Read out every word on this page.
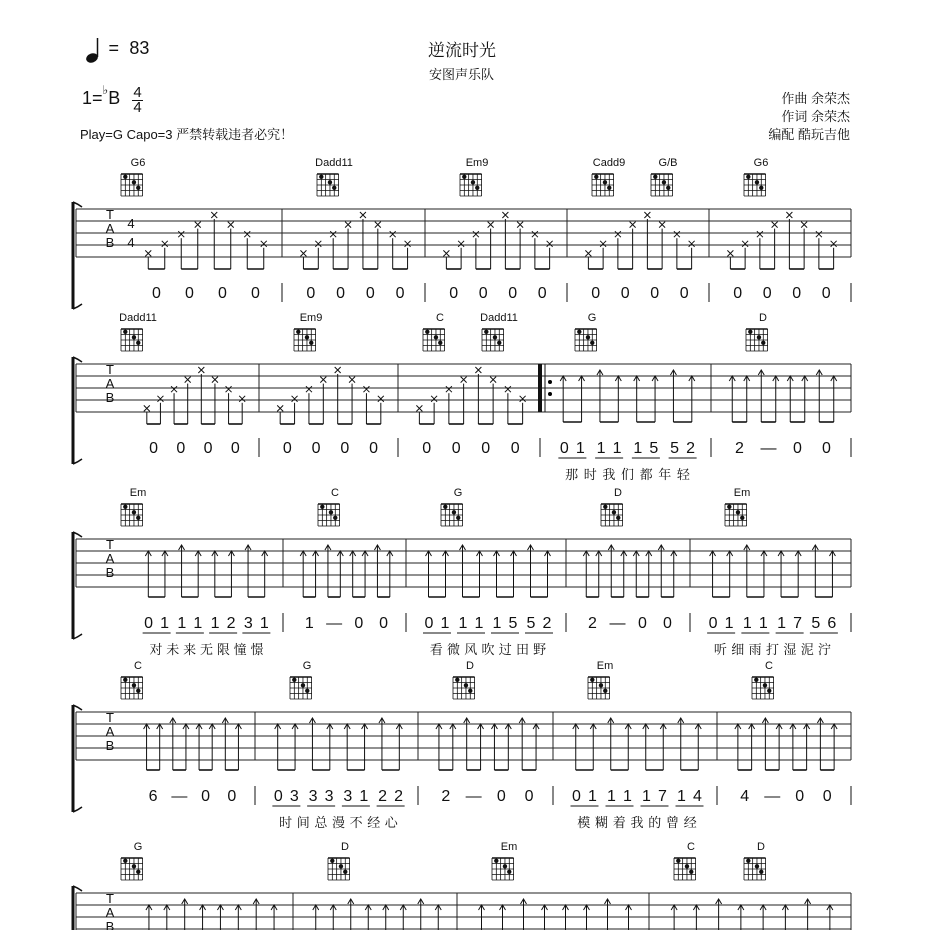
= 83	逆流时光
安图声乐队
1=♭B 4
4
Play=G Capo=3 严禁转载违者必究！
作曲 余荣杰
作词 余荣杰
编配 酷玩吉他
T
A
B
4
4
G6
0 0 0 0
Dadd11
0 0 0 0
Em9
0 0 0 0
Cadd9	G/B
0 0 0 0
G6
0 0 0 0
T
A
B
Dadd11
0 0 0 0
Em9
0 0 0 0
C	Dadd11
0 0 0 0
G
0 1 1 1 1 5 5 2
那 时 我 们 都 年 轻
D
2 — 0 0
T
A
B
Em
0 1 1 1 1 2 3 1
对 未 来 无 限 憧 憬
C
1 — 0 0
G
0 1 1 1 1 5 5 2
看 微 风 吹 过 田 野
D
2 — 0 0
Em
0 1 1 1 1 7 5 6
听 细 雨 打 湿 泥 泞
T
A
B
C
6 — 0 0
G
0 3 3 3 3 1 2 2
时 间 总 漫 不 经 心
D
2 — 0 0
Em
0 1 1 1 1 7 1 4
模 糊 着 我 的 曾 经
C
4 — 0 0
T
A
B
G	D	Em	C	D
